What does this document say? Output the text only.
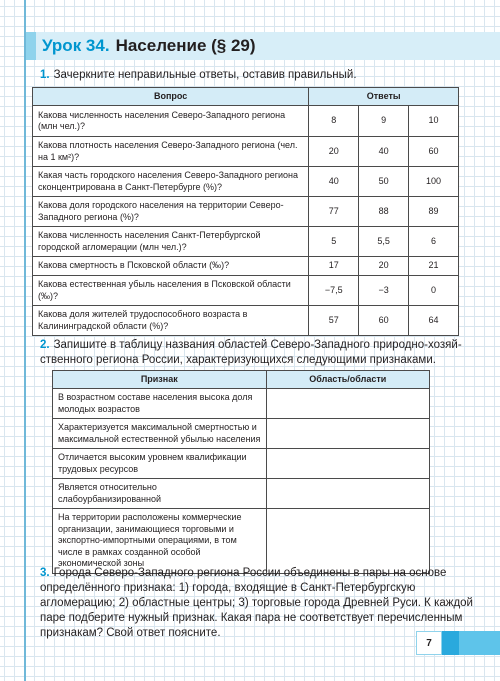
Урок 34. Население (§ 29)
1. Зачеркните неправильные ответы, оставив правильный.
Вопрос	Ответы		
Какова численность населения Северо-Западного региона (млн чел.)?	8	9	10
Какова плотность населения Северо-Западного региона (чел. на 1 км²)?	20	40	60
Какая часть городского населения Северо-Западного региона сконцентрирована в Санкт-Петербурге (%)?	40	50	100
Какова доля городского населения на территории Северо-Западного региона (%)?	77	88	89
Какова численность населения Санкт-Петербургской городской агломерации (млн чел.)?	5	5,5	6
Какова смертность в Псковской области (‰)?	17	20	21
Какова естественная убыль населения в Псковской области (‰)?	−7,5	−3	0
Какова доля жителей трудоспособного возраста в Калининградской области (%)?	57	60	64
2. Запишите в таблицу названия областей Северо-Западного природно-хозяйственного региона России, характеризующихся следующими признаками.
Признак	Область/области
В возрастном составе населения высока доля молодых возрастов	
Характеризуется максимальной смертностью и максимальной естественной убылью населения	
Отличается высоким уровнем квалификации трудовых ресурсов	
Является относительно слабоурбанизированной	
На территории расположены коммерческие организации, занимающиеся торговыми и экспортно-импортными операциями, в том числе в рамках созданной особой экономической зоны	
3. Города Северо-Западного региона России объединены в пары на основе определённого признака: 1) города, входящие в Санкт-Петербургскую агломерацию; 2) областные центры; 3) торговые города Древней Руси. К каждой паре подберите нужный признак. Какая пара не соответствует перечисленным признакам? Свой ответ поясните.
7
